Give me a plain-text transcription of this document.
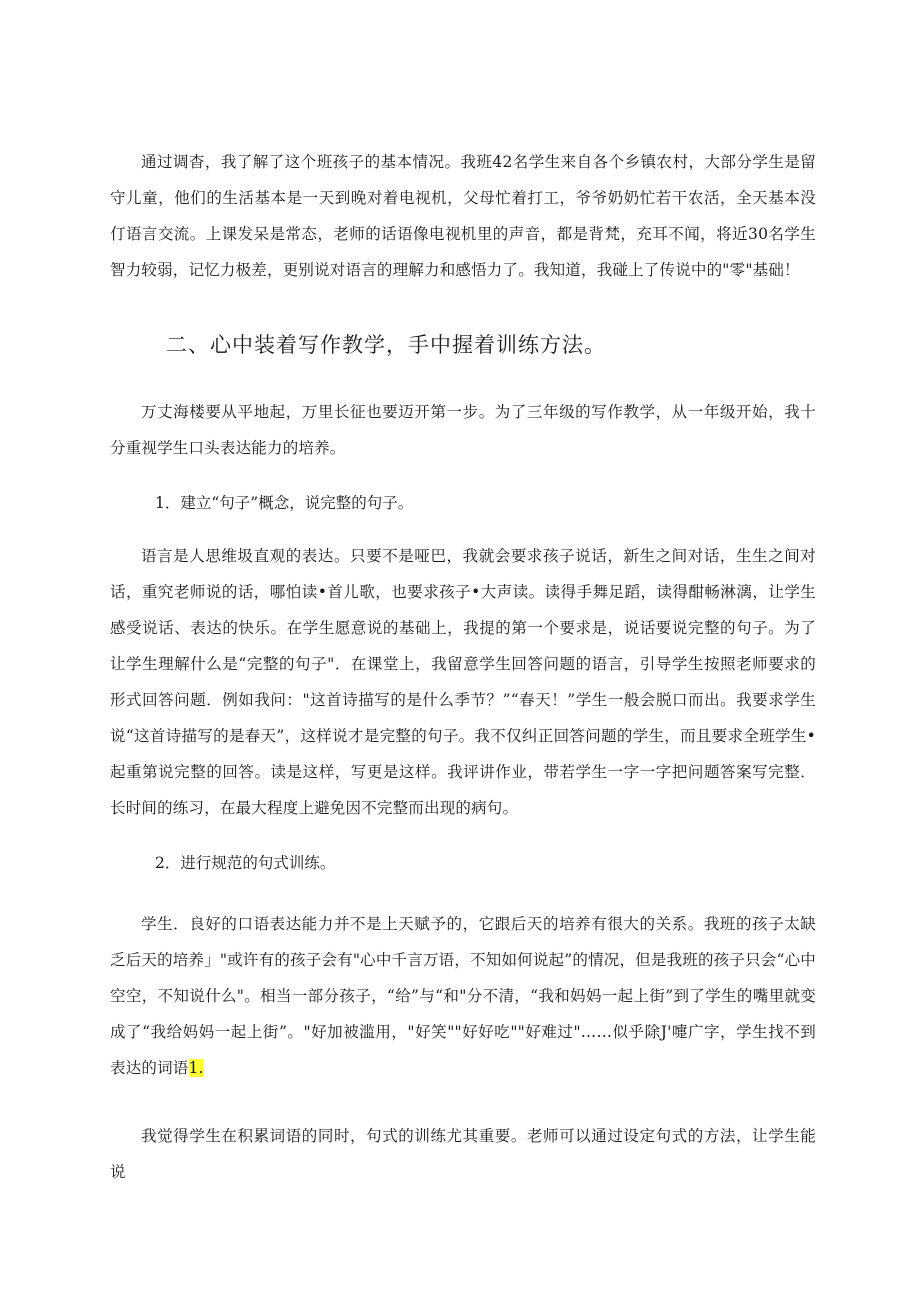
通过调杳，我了解了这个班孩子的基本情况。我班42名学生来自各个乡镇农村，大部分学生是留守儿童，他们的生活基本是一天到晚对着电视机，父母忙着打工，爷爷奶奶忙若干农活，全天基本没仃语言交流。上课发呆是常态，老师的话语像电视机里的声音，都是背梵，充耳不闻，将近30名学生智力较弱，记忆力极差，更别说对语言的理解力和感悟力了。我知道，我碰上了传说中的"零"基础！

二、心中装着写作教学，手中握着训练方法。

万丈海楼要从平地起，万里长征也要迈开第一步。为了三年级的写作教学，从一年级开始，我十分重视学生口头表达能力的培养。

1．建立“句子”概念，说完整的句子。

语言是人思维圾直观的表达。只要不是哑巴，我就会要求孩子说话，新生之间对话，生生之间对话，重究老师说的话，哪怕读•首儿歌，也要求孩子•大声读。读得手舞足蹈，读得酣畅淋漓，让学生感受说话、表达的快乐。在学生愿意说的基础上，我提的第一个要求是，说话要说完整的句子。为了让学生理解什么是“完整的句子"．在课堂上，我留意学生回答问题的语言，引导学生按照老师要求的形式回答问题．例如我问："这首诗描写的是什么季节？”“春天！”学生一般会脱口而出。我要求学生说“这首诗描写的是春天”，这样说才是完整的句子。我不仅纠正回答问题的学生，而且要求全班学生•起重第说完整的回答。读是这样，写更是这样。我评讲作业，带若学生一字一字把问题答案写完整．长时间的练习，在最大程度上避免因不完整而出现的病句。

2．进行规范的句式训练。

学生．良好的口语表达能力并不是上天赋予的，它跟后天的培养有很大的关系。我班的孩子太缺乏后天的培养」"或许有的孩子会有"心中千言万语，不知如何说起”的情况，但是我班的孩子只会“心中空空，不知说什么"。相当一部分孩子，“给”与“和"分不清，“我和妈妈一起上街”到了学生的嘴里就变成了“我给妈妈一起上街”。"好加被滥用，"好笑""好好吃""好难过"……似乎除J'嚏广字，学生找不到表达的词语1.

我觉得学生在积累词语的同时，句式的训练尤其重要。老师可以通过设定句式的方法，让学生能说
